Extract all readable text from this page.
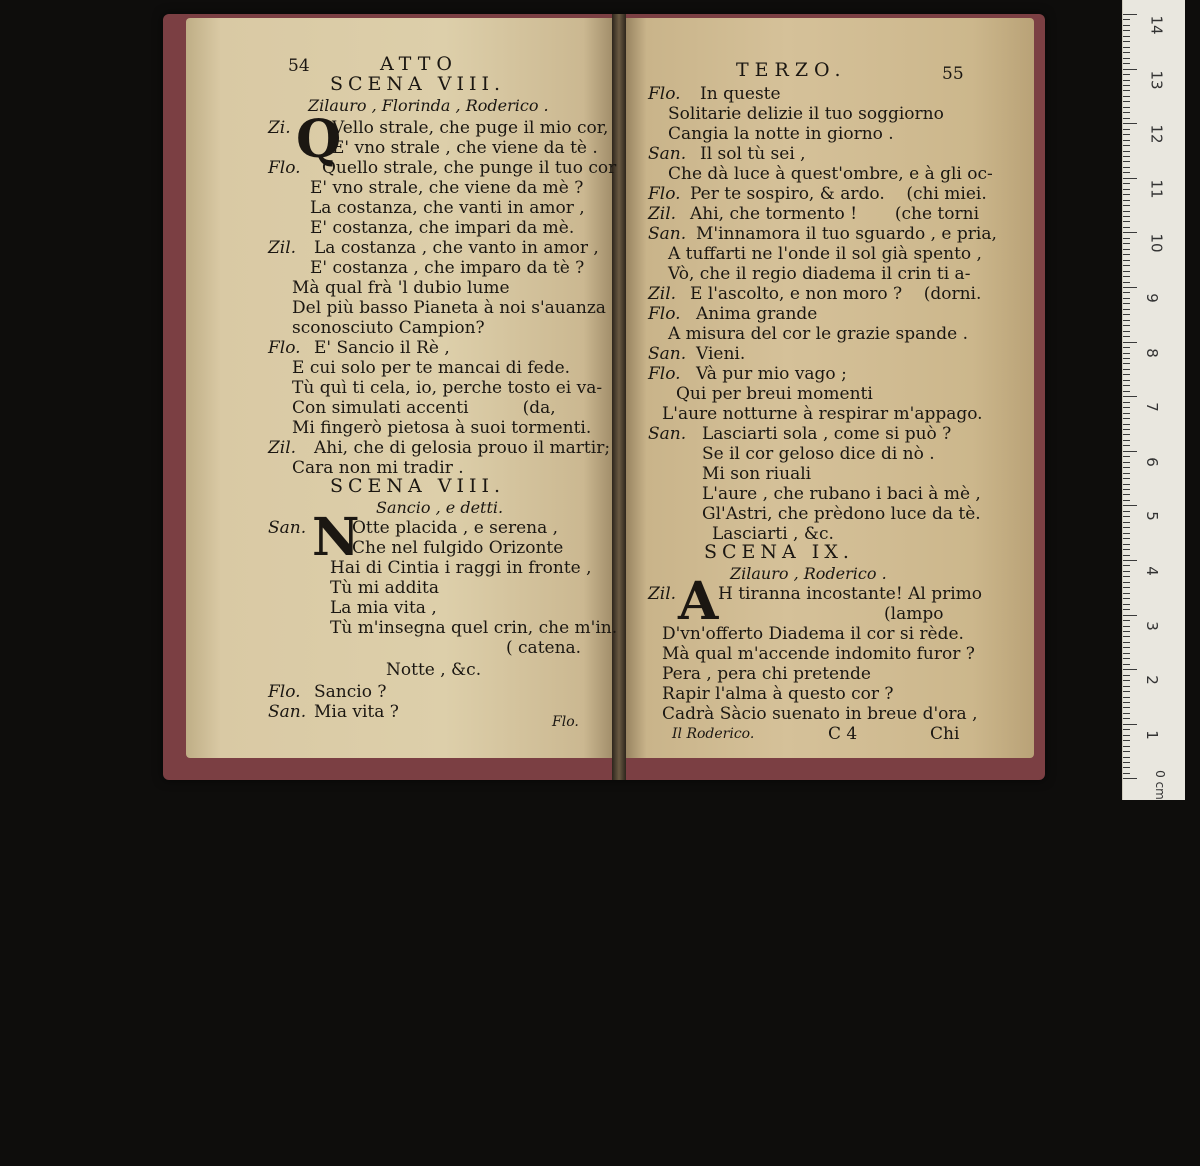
54

	ATTO

SCENA VIII.

Zilauro , Florinda , Roderico .

Q

Zi.

Vello strale, che puge il mio cor,

E' vno strale , che viene da tè .

Flo.

Quello strale, che punge il tuo cor

E' vno strale, che viene da mè ?

La costanza, che vanti in amor ,

E' costanza, che impari da mè.

Zil.

La costanza , che vanto in amor ,

E' costanza , che imparo da tè ?

Mà qual frà 'l dubio lume

Del più basso Pianeta à noi s'auanza

sconosciuto Campion?

Flo.

E' Sancio il Rè ,

E cui solo per te mancai di fede.

Tù quì ti cela, io, perche tosto ei va-

Con simulati accenti          (da,

Mi fingerò pietosa à suoi tormenti.

Zil.

Ahi, che di gelosia prouo il martir;

Cara non mi tradir .

SCENA VIII.

Sancio , e detti.

N

San.

	Otte placida , e serena ,

Che nel fulgido Orizonte

Hai di Cintia i raggi in fronte ,

Tù mi addita

La mia vita ,

Tù m'insegna quel crin, che m'in.

( catena.

Notte , &c.

Flo.

Sancio ?

San.

Mia vita ?

	Flo.

TERZO.

	55

Flo.

In queste

Solitarie delizie il tuo soggiorno

Cangia la notte in giorno .

San.

Il sol tù sei ,

Che dà luce à quest'ombre, e à gli oc-

Flo.

Per te sospiro, & ardo.    (chi miei.

Zil.

Ahi, che tormento !       (che torni

San.

M'innamora il tuo sguardo , e pria,

A tuffarti ne l'onde il sol già spento ,

Vò, che il regio diadema il crin ti a-

Zil.

E l'ascolto, e non moro ?    (dorni.

Flo.

Anima grande

A misura del cor le grazie spande .

San.

Vieni.

Flo.

Và pur mio vago ;

Qui per breui momenti

L'aure notturne à respirar m'appago.

San.

Lasciarti sola , come si può ?

Se il cor geloso dice di nò .

Mi son riuali

L'aure , che rubano i baci à mè ,

Gl'Astri, che prèdono luce da tè.

Lasciarti , &c.

SCENA IX.

Zilauro , Roderico .

A

Zil.

H tiranna incostante! Al primo

(lampo

D'vn'offerto Diadema il cor si rède.

Mà qual m'accende indomito furor ?

Pera , pera chi pretende

Rapir l'alma à questo cor ?

Cadrà Sàcio suenato in breue d'ora ,

Il Roderico.

	C 4

	Chi

14
13
12
11
10
9
8
7
6
5
4
3
2
1
0 cm
